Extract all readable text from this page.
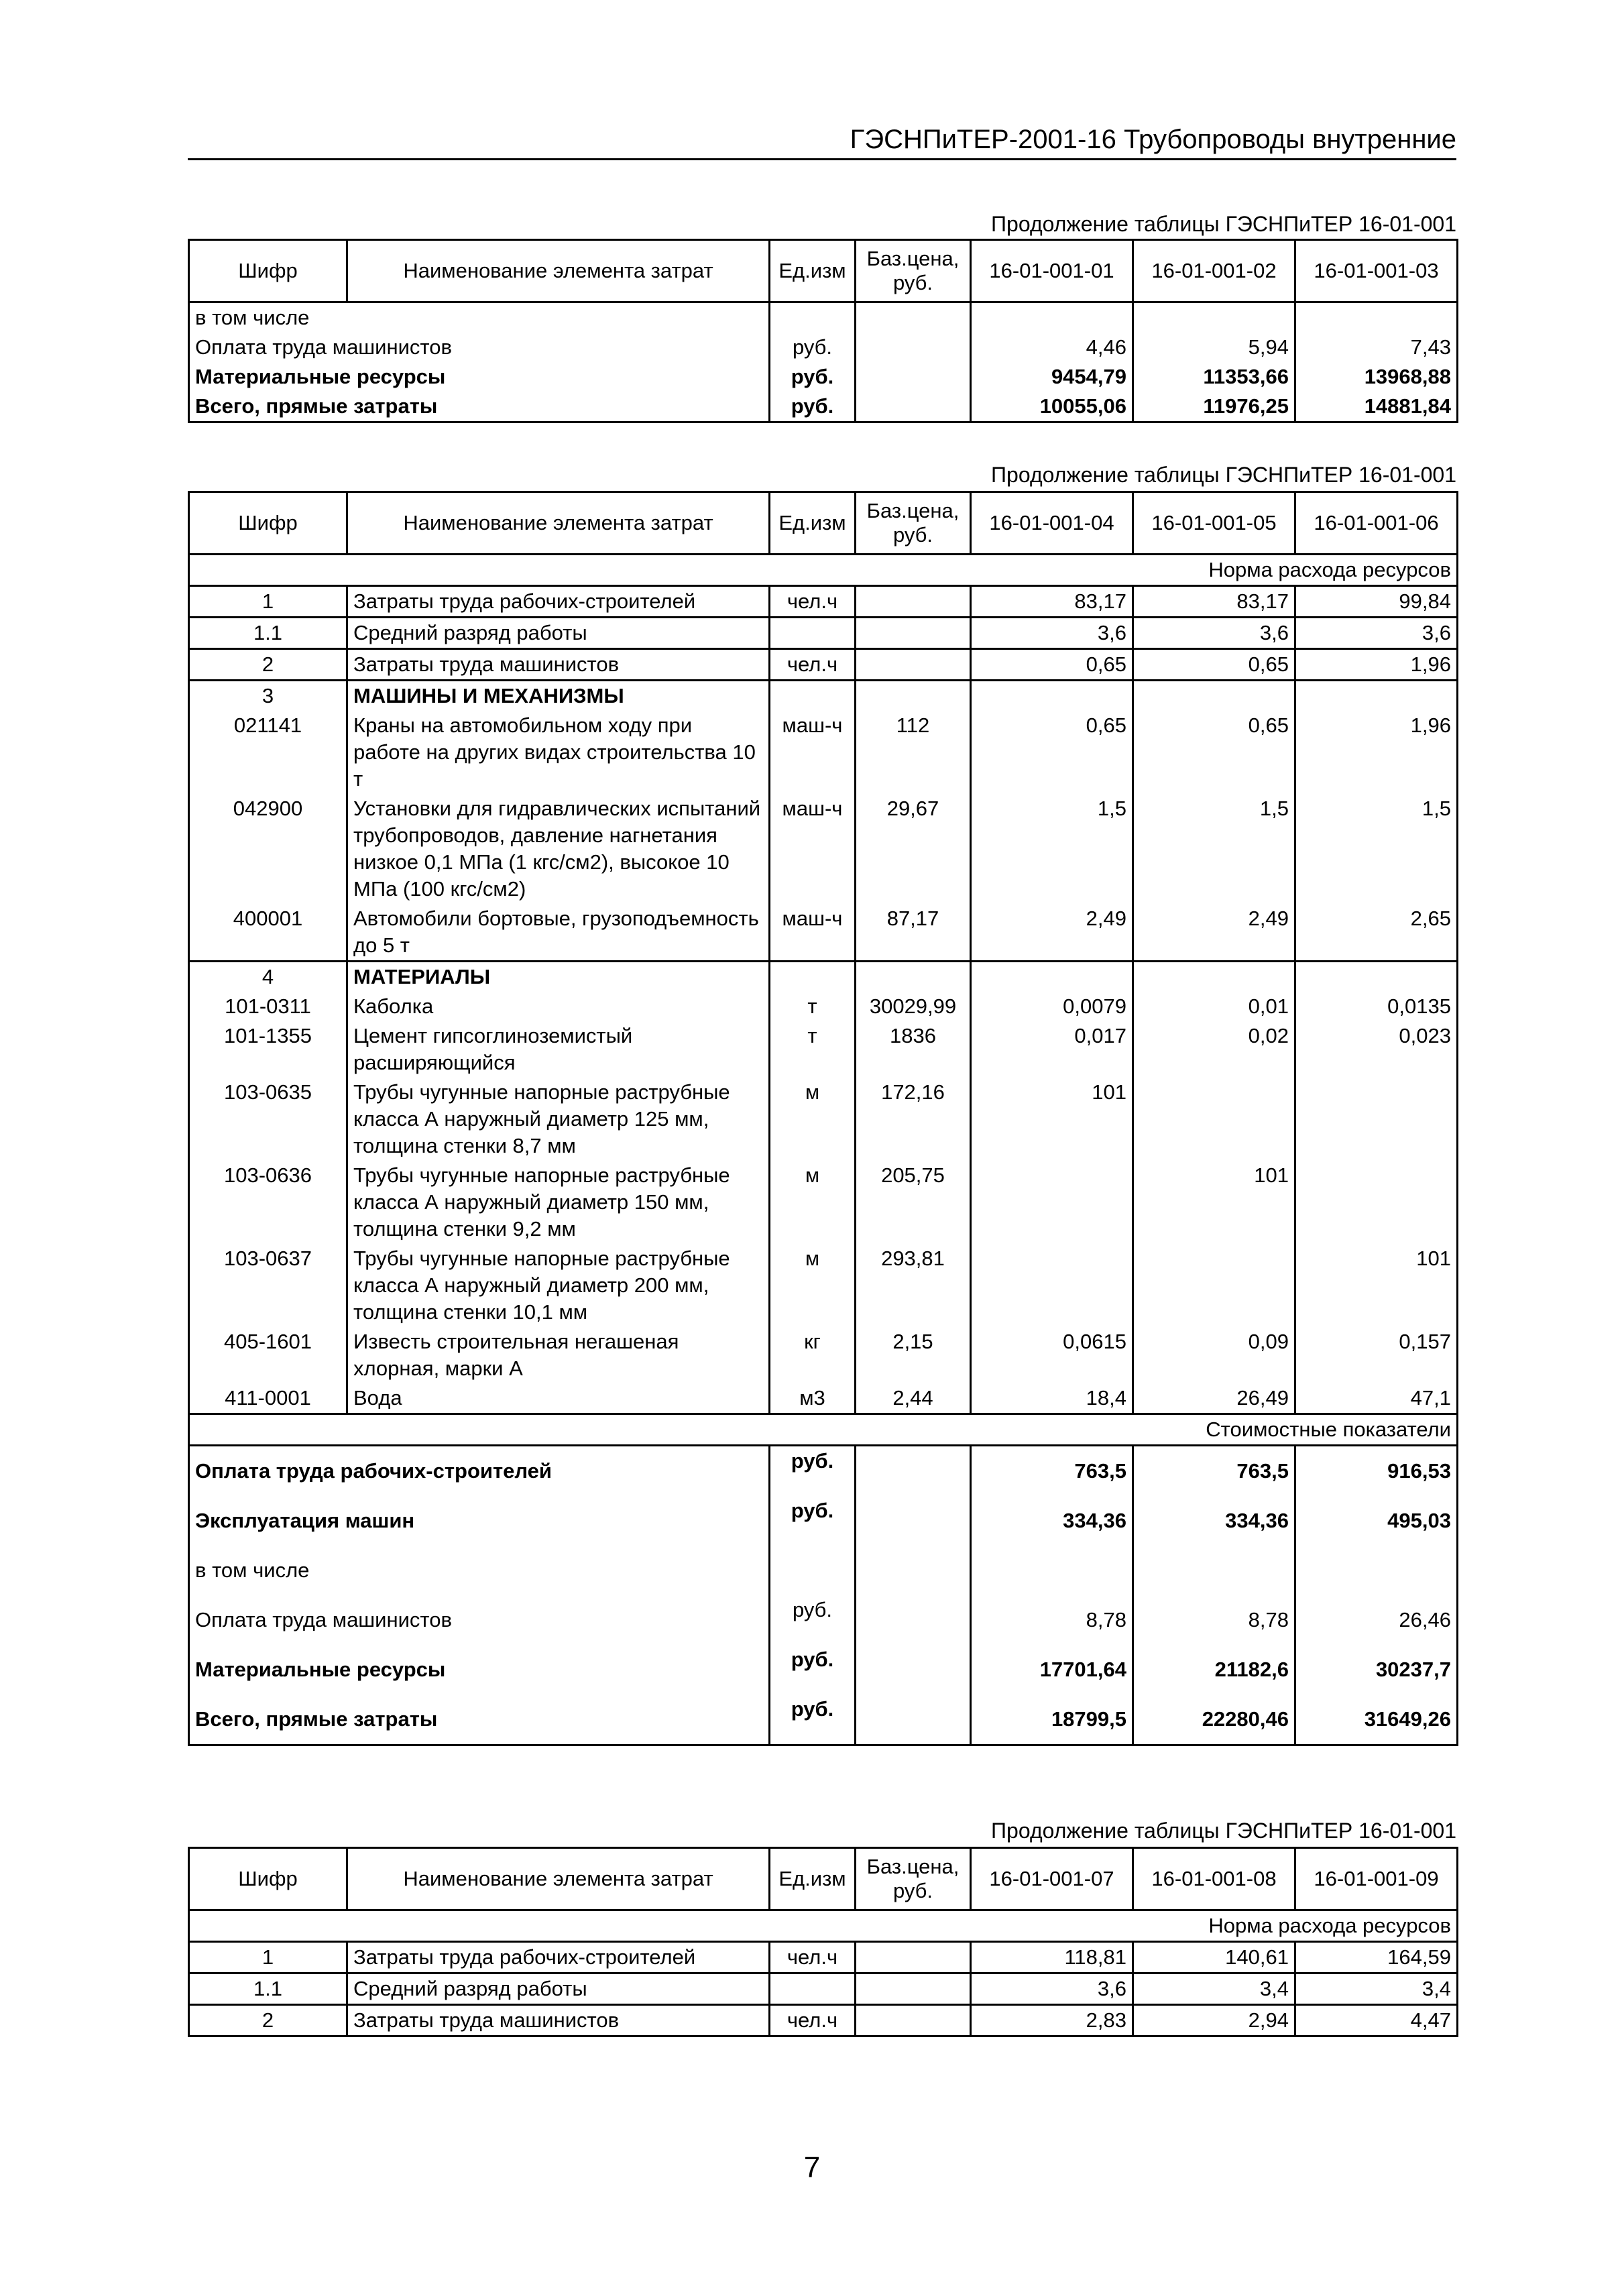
ГЭСНПиТЕР-2001-16 Трубопроводы внутренние
Продолжение таблицы ГЭСНПиТЕР 16-01-001
Шифр	Наименование элемента затрат	Ед.изм	Баз.цена, руб.	16-01-001-01	16-01-001-02	16-01-001-03
в том числе						
Оплата труда машинистов		руб.		4,46	5,94	7,43
Материальные ресурсы		руб.		9454,79	11353,66	13968,88
Всего, прямые затраты		руб.		10055,06	11976,25	14881,84
Продолжение таблицы ГЭСНПиТЕР 16-01-001
Шифр	Наименование элемента затрат	Ед.изм	Баз.цена, руб.	16-01-001-04	16-01-001-05	16-01-001-06
Норма расхода ресурсов						
1	Затраты труда рабочих-строителей	чел.ч		83,17	83,17	99,84
1.1	Средний разряд работы			3,6	3,6	3,6
2	Затраты труда машинистов	чел.ч		0,65	0,65	1,96
3	МАШИНЫ И МЕХАНИЗМЫ					
021141	Краны на автомобильном ходу при работе на других видах строительства 10 т	маш-ч	112	0,65	0,65	1,96
042900	Установки для гидравлических испытаний трубопроводов, давление нагнетания низкое 0,1 МПа (1 кгс/см2), высокое 10 МПа (100 кгс/см2)	маш-ч	29,67	1,5	1,5	1,5
400001	Автомобили бортовые, грузоподъемность до 5 т	маш-ч	87,17	2,49	2,49	2,65
4	МАТЕРИАЛЫ					
101-0311	Каболка	т	30029,99	0,0079	0,01	0,0135
101-1355	Цемент гипсоглиноземистый расширяющийся	т	1836	0,017	0,02	0,023
103-0635	Трубы чугунные напорные раструбные класса А наружный диаметр 125 мм, толщина стенки 8,7 мм	м	172,16	101		
103-0636	Трубы чугунные напорные раструбные класса А наружный диаметр 150 мм, толщина стенки 9,2 мм	м	205,75		101	
103-0637	Трубы чугунные напорные раструбные класса А наружный диаметр 200 мм, толщина стенки 10,1 мм	м	293,81			101
405-1601	Известь строительная негашеная хлорная, марки А	кг	2,15	0,0615	0,09	0,157
411-0001	Вода	м3	2,44	18,4	26,49	47,1
Стоимостные показатели						
Оплата труда рабочих-строителей		руб.		763,5	763,5	916,53
Эксплуатация машин		руб.		334,36	334,36	495,03
в том числе						
Оплата труда машинистов		руб.		8,78	8,78	26,46
Материальные ресурсы		руб.		17701,64	21182,6	30237,7
Всего, прямые затраты		руб.		18799,5	22280,46	31649,26
Продолжение таблицы ГЭСНПиТЕР 16-01-001
Шифр	Наименование элемента затрат	Ед.изм	Баз.цена, руб.	16-01-001-07	16-01-001-08	16-01-001-09
Норма расхода ресурсов						
1	Затраты труда рабочих-строителей	чел.ч		118,81	140,61	164,59
1.1	Средний разряд работы			3,6	3,4	3,4
2	Затраты труда машинистов	чел.ч		2,83	2,94	4,47
7
